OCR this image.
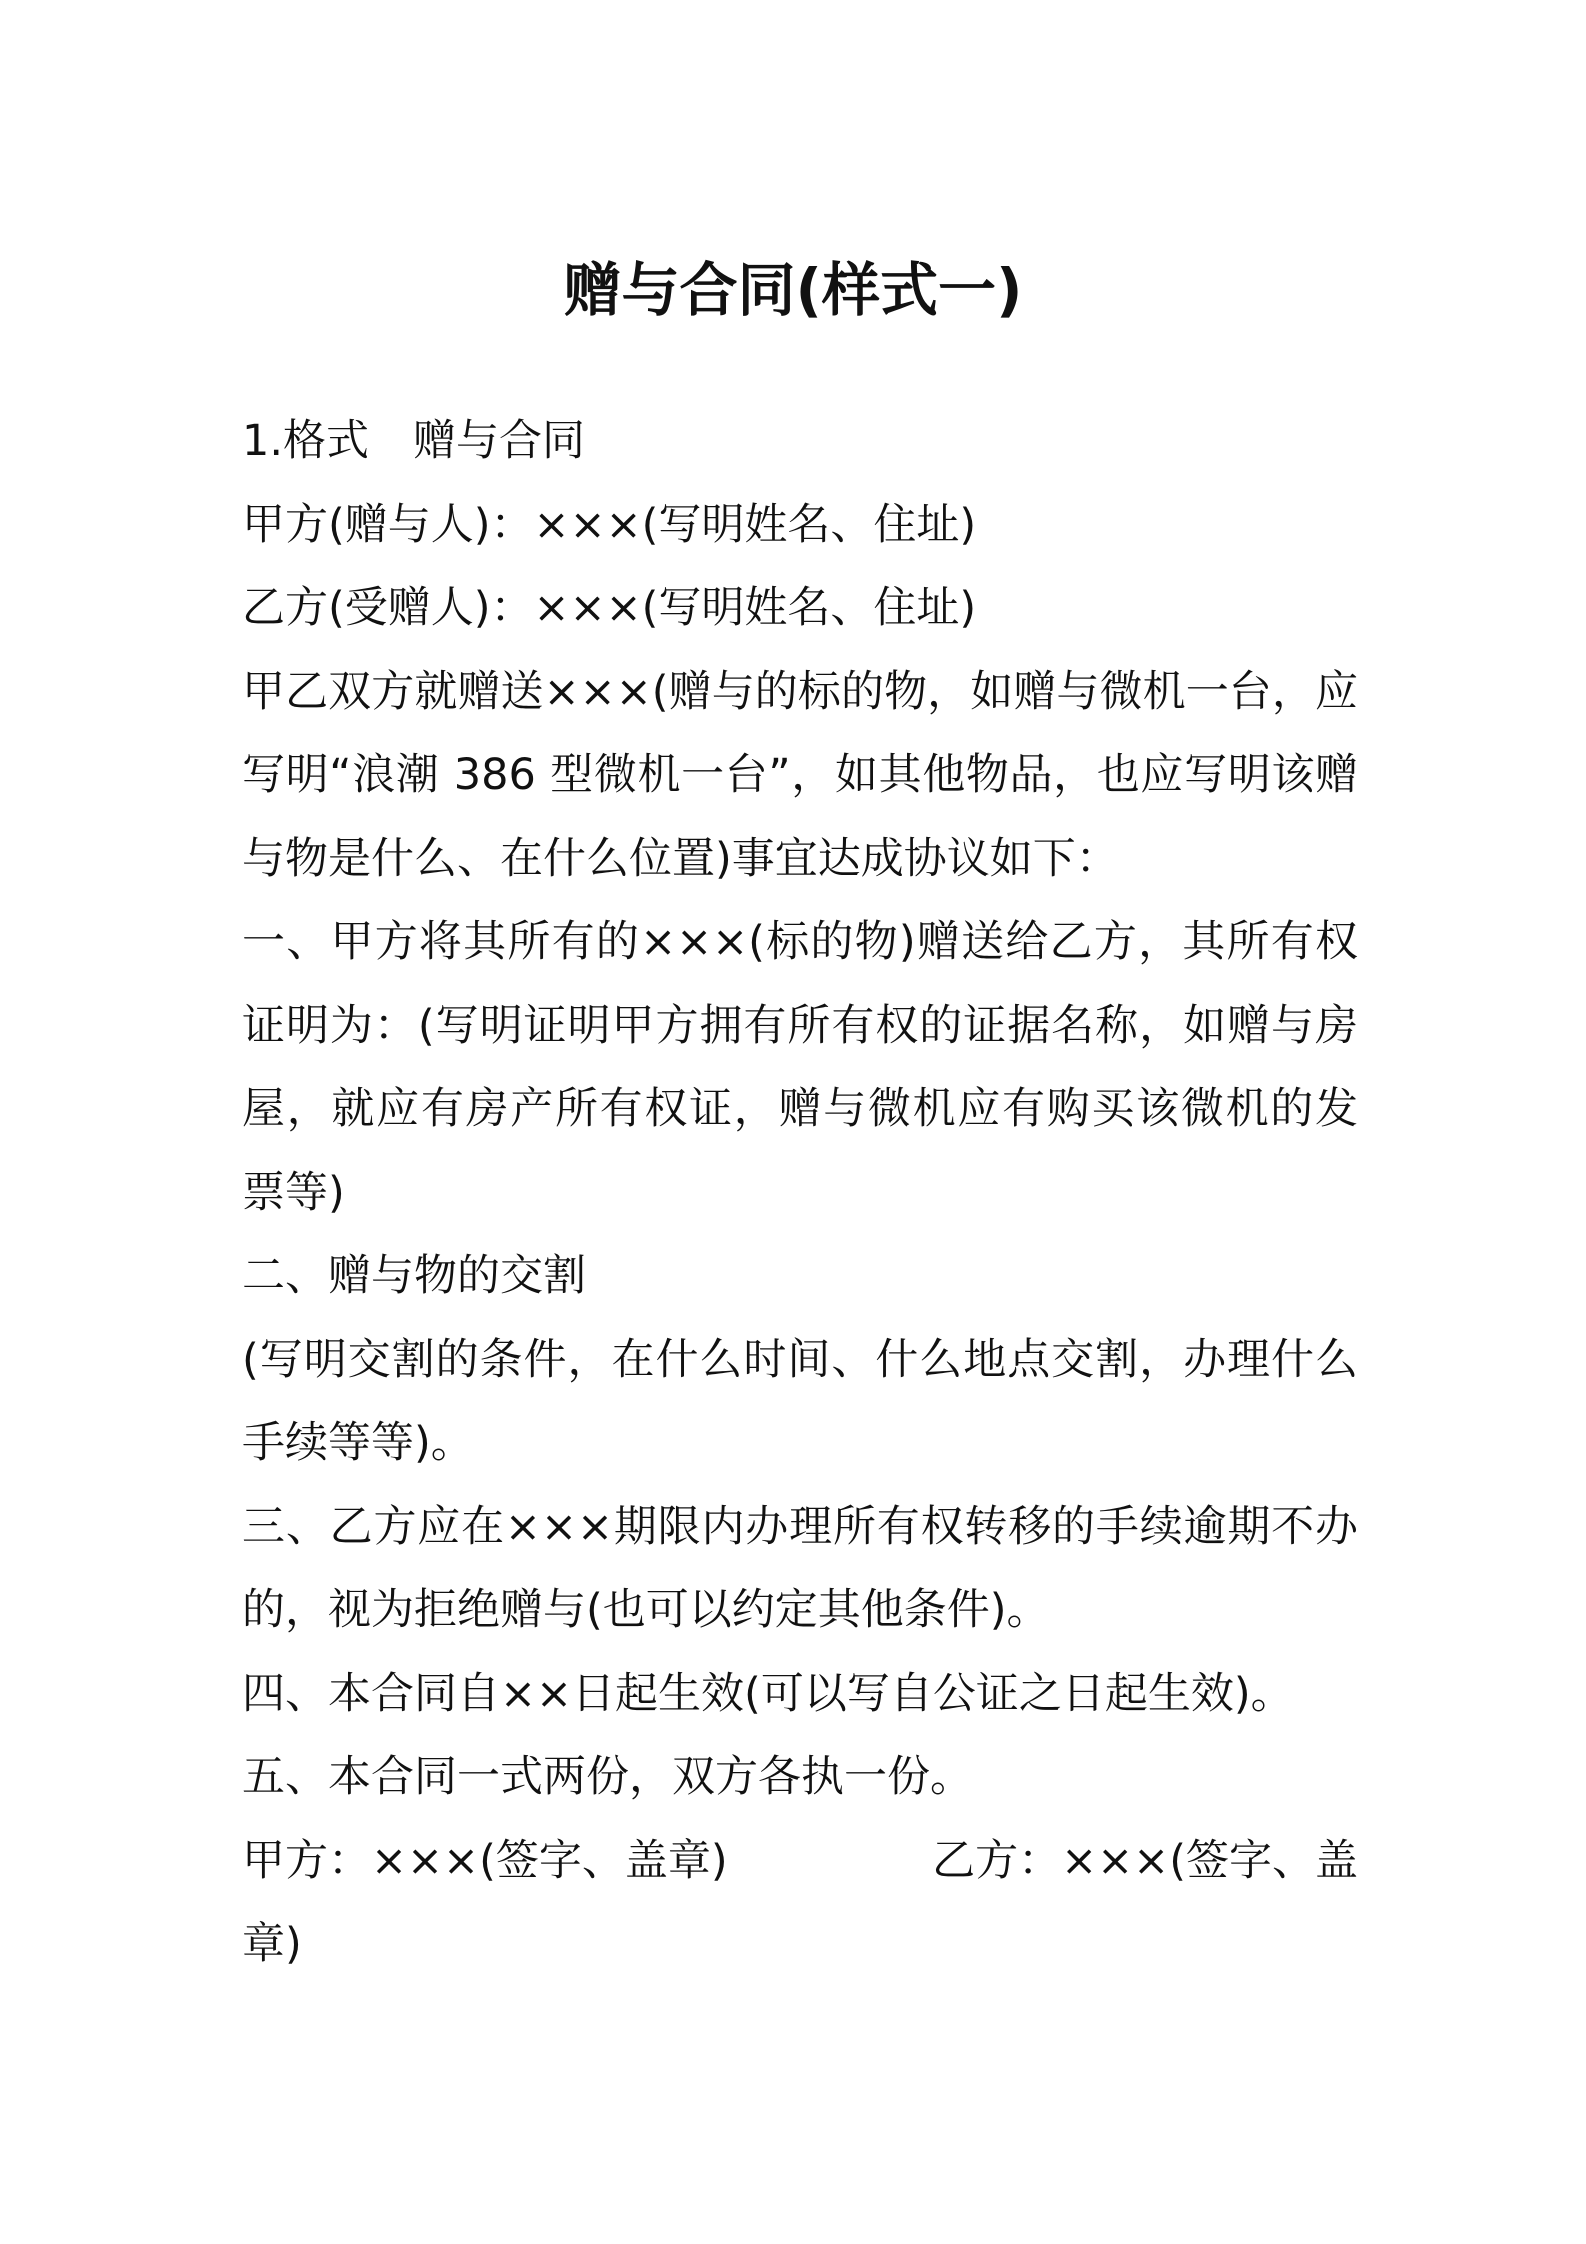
赠与合同(样式一)

1.格式 赠与合同

甲方(赠与人)：×××(写明姓名、住址)

乙方(受赠人)：×××(写明姓名、住址)

甲乙双方就赠送×××(赠与的标的物，如赠与微机一台，应写明“浪潮 386 型微机一台”，如其他物品，也应写明该赠与物是什么、在什么位置)事宜达成协议如下：

一、甲方将其所有的×××(标的物)赠送给乙方，其所有权证明为：(写明证明甲方拥有所有权的证据名称，如赠与房屋，就应有房产所有权证，赠与微机应有购买该微机的发票等)

二、赠与物的交割

(写明交割的条件，在什么时间、什么地点交割，办理什么手续等等)。

三、乙方应在×××期限内办理所有权转移的手续逾期不办的，视为拒绝赠与(也可以约定其他条件)。

四、本合同自××日起生效(可以写自公证之日起生效)。

五、本合同一式两份，双方各执一份。

甲方：×××(签字、盖章)	乙方：×××(签字、盖

章)
